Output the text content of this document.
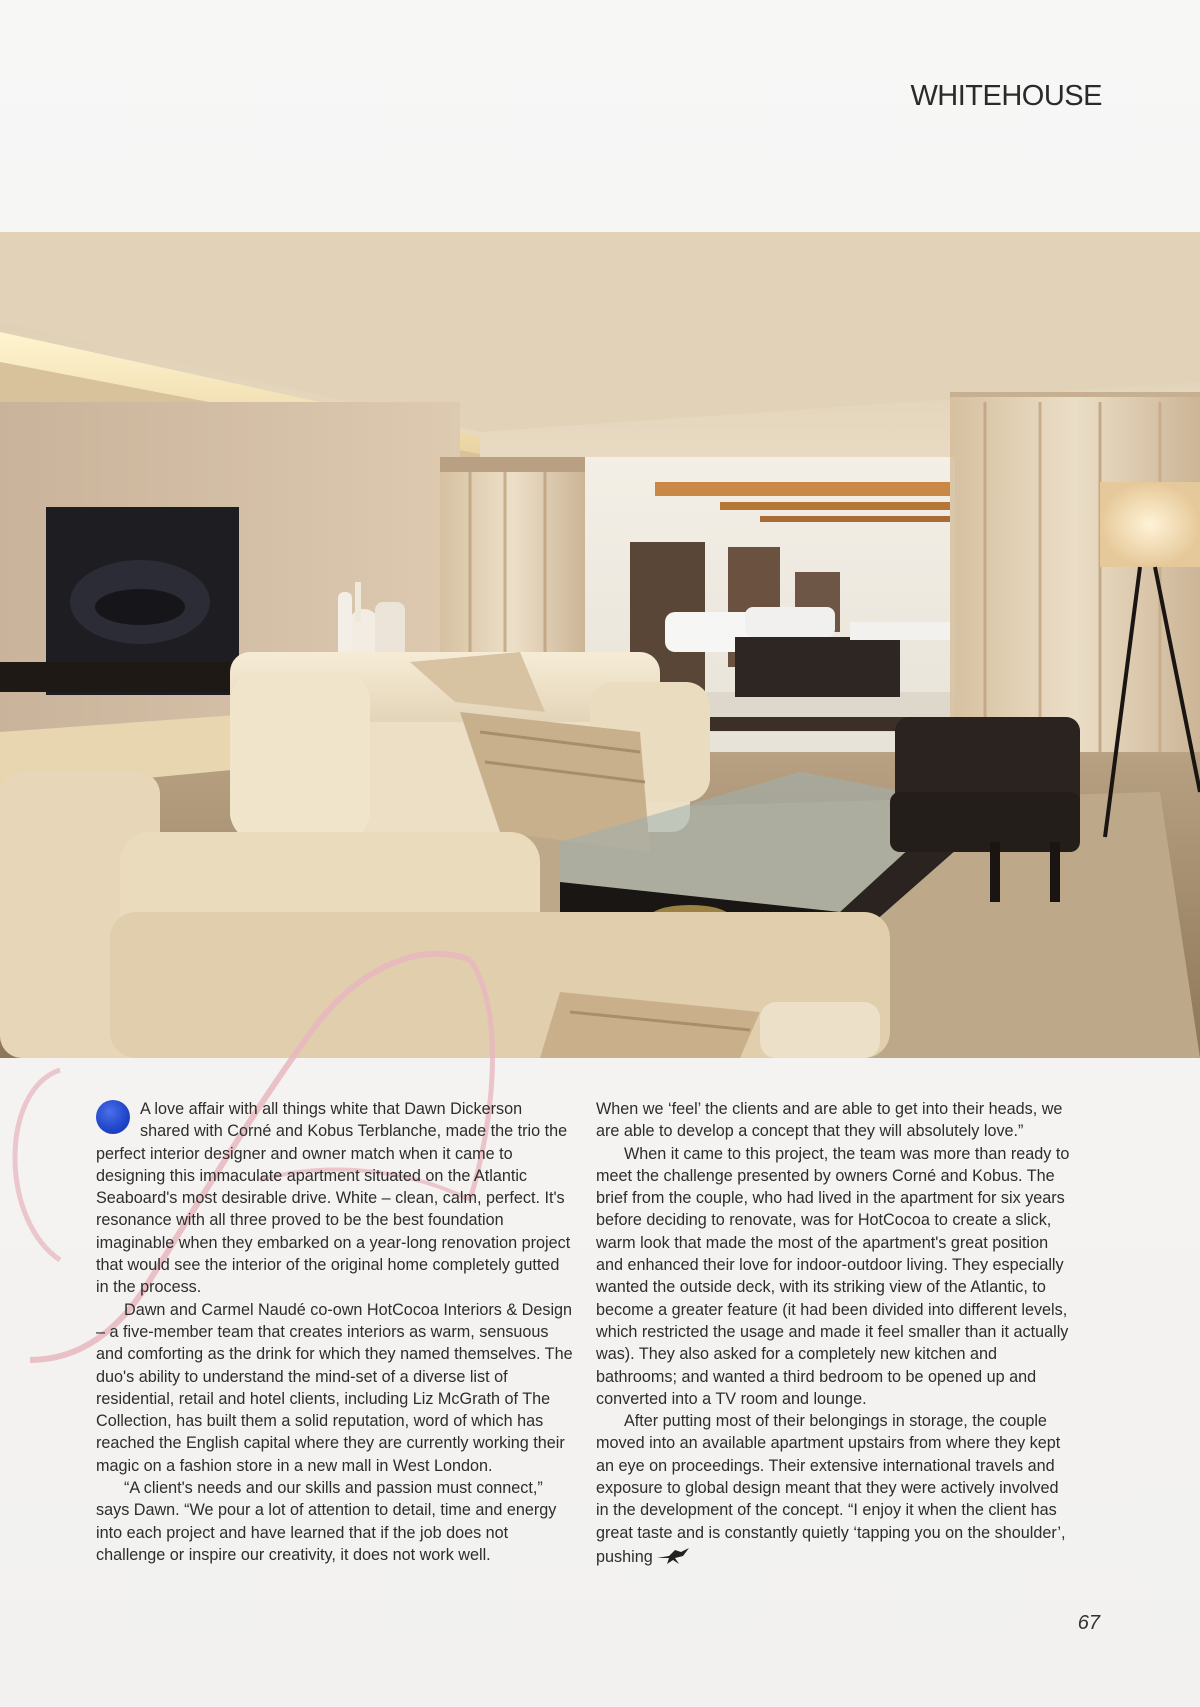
WHITEHOUSE

A love affair with all things white that Dawn Dickerson shared with Corné and Kobus Terblanche, made the trio the perfect interior designer and owner match when it came to designing this immaculate apartment situated on the Atlantic Seaboard's most desirable drive. White – clean, calm, perfect. It's resonance with all three proved to be the best foundation imaginable when they embarked on a year-long renovation project that would see the interior of the original home completely gutted in the process.

Dawn and Carmel Naudé co-own HotCocoa Interiors & Design – a five-member team that creates interiors as warm, sensuous and comforting as the drink for which they named themselves. The duo's ability to understand the mind-set of a diverse list of residential, retail and hotel clients, including Liz McGrath of The Collection, has built them a solid reputation, word of which has reached the English capital where they are currently working their magic on a fashion store in a new mall in West London.

“A client's needs and our skills and passion must connect,” says Dawn. “We pour a lot of attention to detail, time and energy into each project and have learned that if the job does not challenge or inspire our creativity, it does not work well.

When we ‘feel’ the clients and are able to get into their heads, we are able to develop a concept that they will absolutely love.”

When it came to this project, the team was more than ready to meet the challenge presented by owners Corné and Kobus. The brief from the couple, who had lived in the apartment for six years before deciding to renovate, was for HotCocoa to create a slick, warm look that made the most of the apartment's great position and enhanced their love for indoor-outdoor living. They especially wanted the outside deck, with its striking view of the Atlantic, to become a greater feature (it had been divided into different levels, which restricted the usage and made it feel smaller than it actually was). They also asked for a completely new kitchen and bathrooms; and wanted a third bedroom to be opened up and converted into a TV room and lounge.

After putting most of their belongings in storage, the couple moved into an available apartment upstairs from where they kept an eye on proceedings. Their extensive international travels and exposure to global design meant that they were actively involved in the development of the concept. “I enjoy it when the client has great taste and is constantly quietly ‘tapping you on the shoulder’, pushing

67
